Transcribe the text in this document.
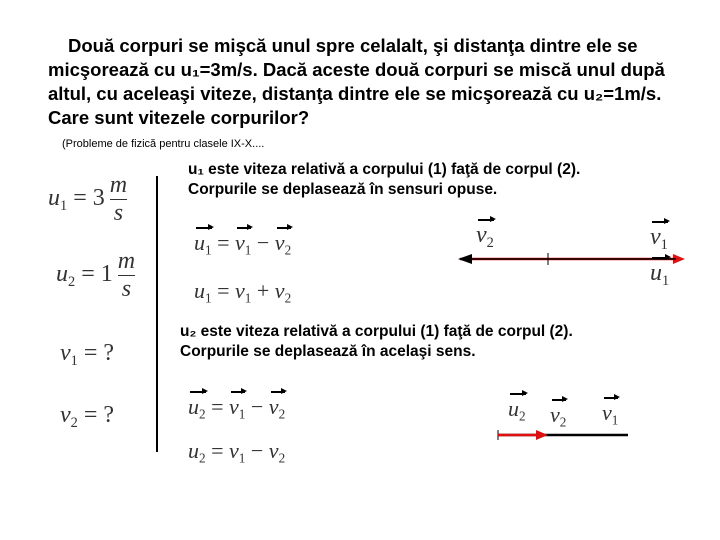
Două corpuri se mişcă unul spre celalalt, şi distanţa dintre ele se micşorează cu u₁=3m/s. Dacă aceste două corpuri se miscă unul după altul, cu aceleaşi viteze, distanţa dintre ele se micşorează cu u₂=1m/s. Care sunt vitezele corpurilor?
(Probleme de fizică pentru clasele IX-X....
$u_1 = 3 \frac{m}{s}$
$u_2 = 1 \frac{m}{s}$
$v_1$ = ?
$v_2$ = ?
u₁ este viteza relativă a corpului (1) faţă de corpul (2).
Corpurile se deplasează în sensuri opuse.
$u_1 = v_1 - v_2$
$u_1 = v_1 + v_2$
$v_2$	$v_1$
$u_1$
u₂ este viteza relativă a corpului (1) faţă de corpul (2).
Corpurile se deplasează în acelaşi sens.
$u_2 = v_1 - v_2$
$u_2 = v_1 - v_2$
$u_2$ $v_2$ $v_1$
